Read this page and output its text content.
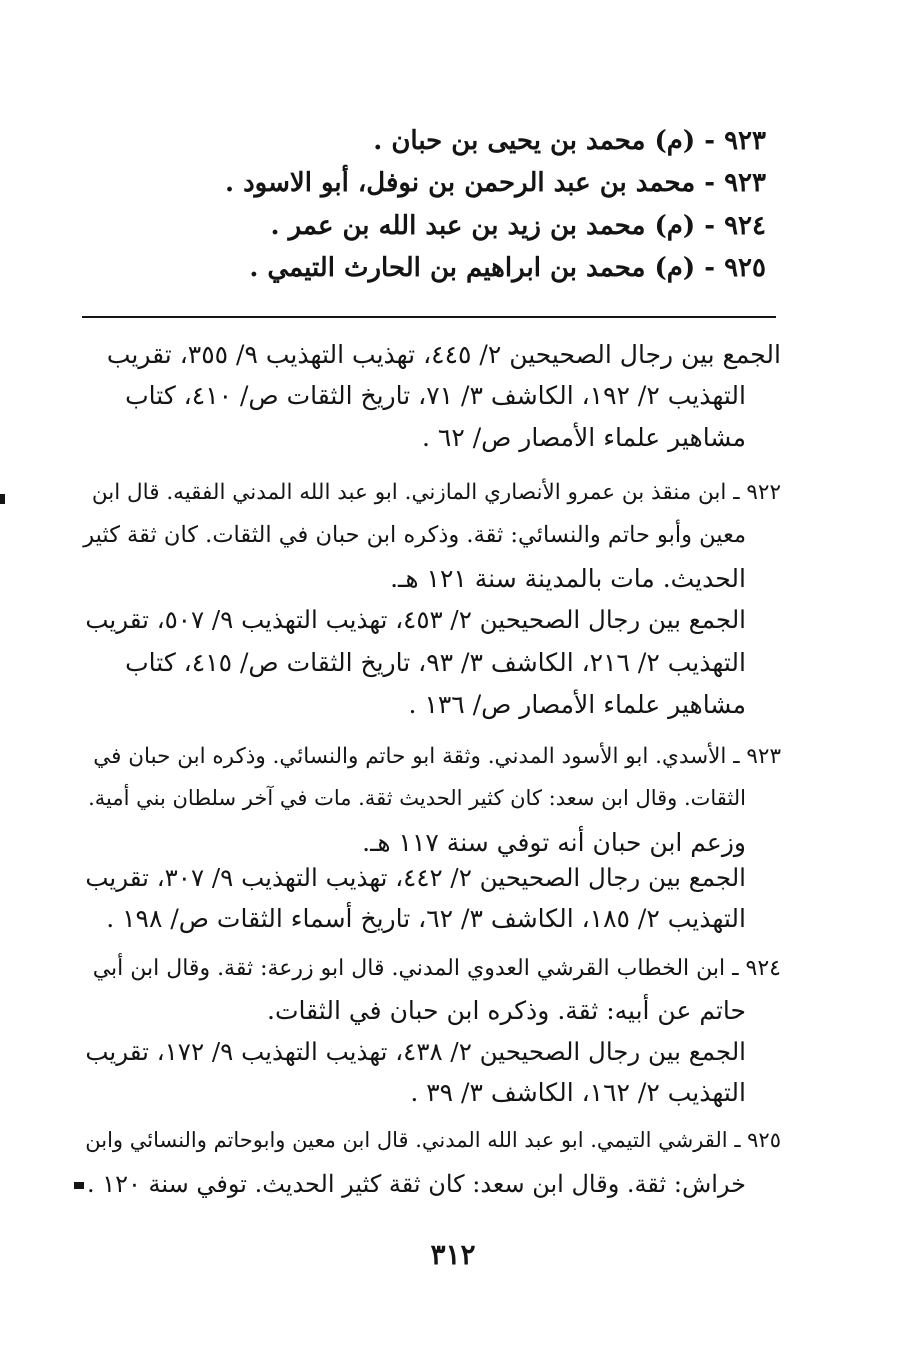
٩٢٣ - (م) محمد بن يحيى بن حبان .

٩٢٣ - محمد بن عبد الرحمن بن نوفل، أبو الاسود .

٩٢٤ - (م) محمد بن زيد بن عبد الله بن عمر .

٩٢٥ - (م) محمد بن ابراهيم بن الحارث التيمي .

الجمع بين رجال الصحيحين ٢/ ٤٤٥، تهذيب التهذيب ٩/ ٣٥٥، تقريب

التهذيب ٢/ ١٩٢، الكاشف ٣/ ٧١، تاريخ الثقات ص/ ٤١٠، كتاب

مشاهير علماء الأمصار ص/ ٦٢ .

٩٢٢ ـ ابن منقذ بن عمرو الأنصاري المازني. ابو عبد الله المدني الفقيه. قال ابن

معين وأبو حاتم والنسائي: ثقة. وذكره ابن حبان في الثقات. كان ثقة كثير

الحديث. مات بالمدينة سنة ١٢١ هـ.

الجمع بين رجال الصحيحين ٢/ ٤٥٣، تهذيب التهذيب ٩/ ٥٠٧، تقريب

التهذيب ٢/ ٢١٦، الكاشف ٣/ ٩٣، تاريخ الثقات ص/ ٤١٥، كتاب

مشاهير علماء الأمصار ص/ ١٣٦ .

٩٢٣ ـ الأسدي. ابو الأسود المدني. وثقة ابو حاتم والنسائي. وذكره ابن حبان في

الثقات. وقال ابن سعد: كان كثير الحديث ثقة. مات في آخر سلطان بني أمية.

وزعم ابن حبان أنه توفي سنة ١١٧ هـ.

الجمع بين رجال الصحيحين ٢/ ٤٤٢، تهذيب التهذيب ٩/ ٣٠٧، تقريب

التهذيب ٢/ ١٨٥، الكاشف ٣/ ٦٢، تاريخ أسماء الثقات ص/ ١٩٨ .

٩٢٤ ـ ابن الخطاب القرشي العدوي المدني. قال ابو زرعة: ثقة. وقال ابن أبي

حاتم عن أبيه: ثقة. وذكره ابن حبان في الثقات.

الجمع بين رجال الصحيحين ٢/ ٤٣٨، تهذيب التهذيب ٩/ ١٧٢، تقريب

التهذيب ٢/ ١٦٢، الكاشف ٣/ ٣٩ .

٩٢٥ ـ القرشي التيمي. ابو عبد الله المدني. قال ابن معين وابوحاتم والنسائي وابن

خراش: ثقة. وقال ابن سعد: كان ثقة كثير الحديث. توفي سنة ١٢٠ .

٣١٢
